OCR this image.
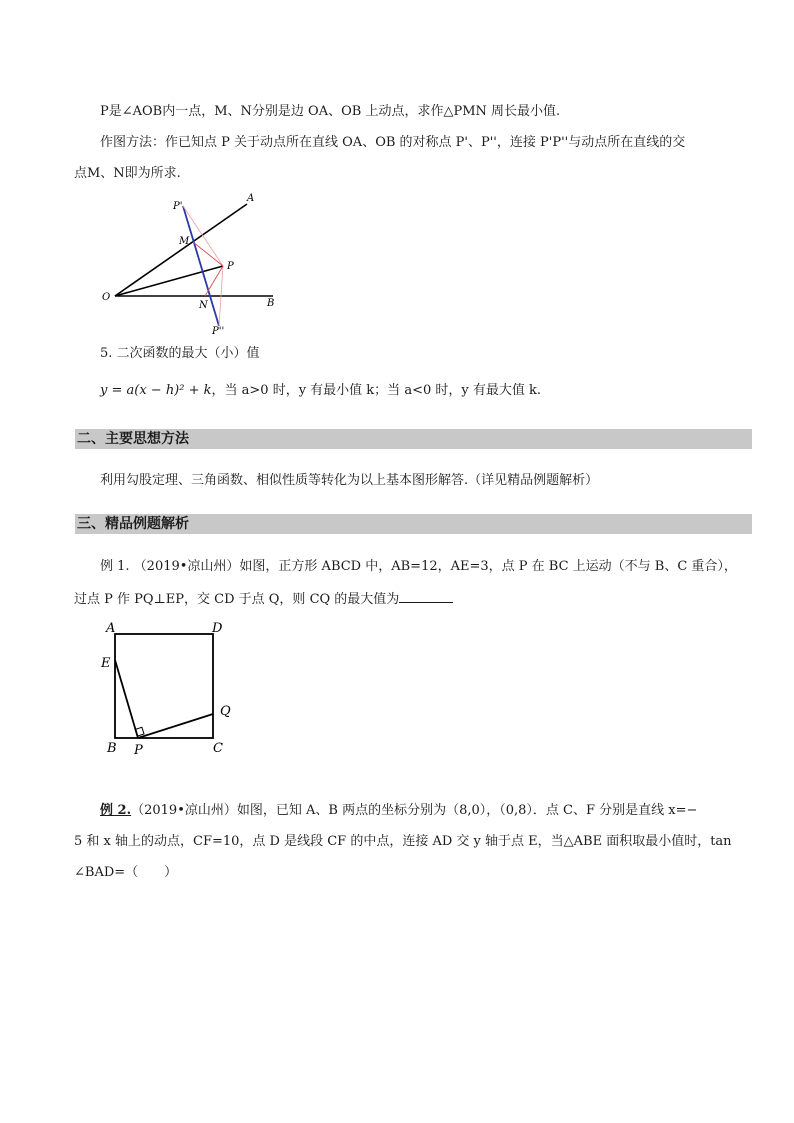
P是∠AOB内一点，M、N分别是边 OA、OB 上动点，求作△PMN 周长最小值.
作图方法：作已知点 P 关于动点所在直线 OA、OB 的对称点 P'、P''，连接 P'P''与动点所在直线的交
点M、N即为所求.
A
B
O
P
M
N
P'
P''
5. 二次函数的最大（小）值
y = a(x − h)² + k，当 a>0 时，y 有最小值 k；当 a<0 时，y 有最大值 k.
二、主要思想方法
利用勾股定理、三角函数、相似性质等转化为以上基本图形解答.（详见精品例题解析）
三、精品例题解析
例 1. （2019•凉山州）如图，正方形 ABCD 中，AB=12，AE=3，点 P 在 BC 上运动（不与 B、C 重合），
过点 P 作 PQ⊥EP，交 CD 于点 Q，则 CQ 的最大值为
A	D
E
Q
B P	C
例 2.（2019•凉山州）如图，已知 A、B 两点的坐标分别为（8,0），（0,8）．点 C、F 分别是直线 x=−
5 和 x 轴上的动点，CF=10，点 D 是线段 CF 的中点，连接 AD 交 y 轴于点 E，当△ABE 面积取最小值时，tan
∠BAD=（　　）
